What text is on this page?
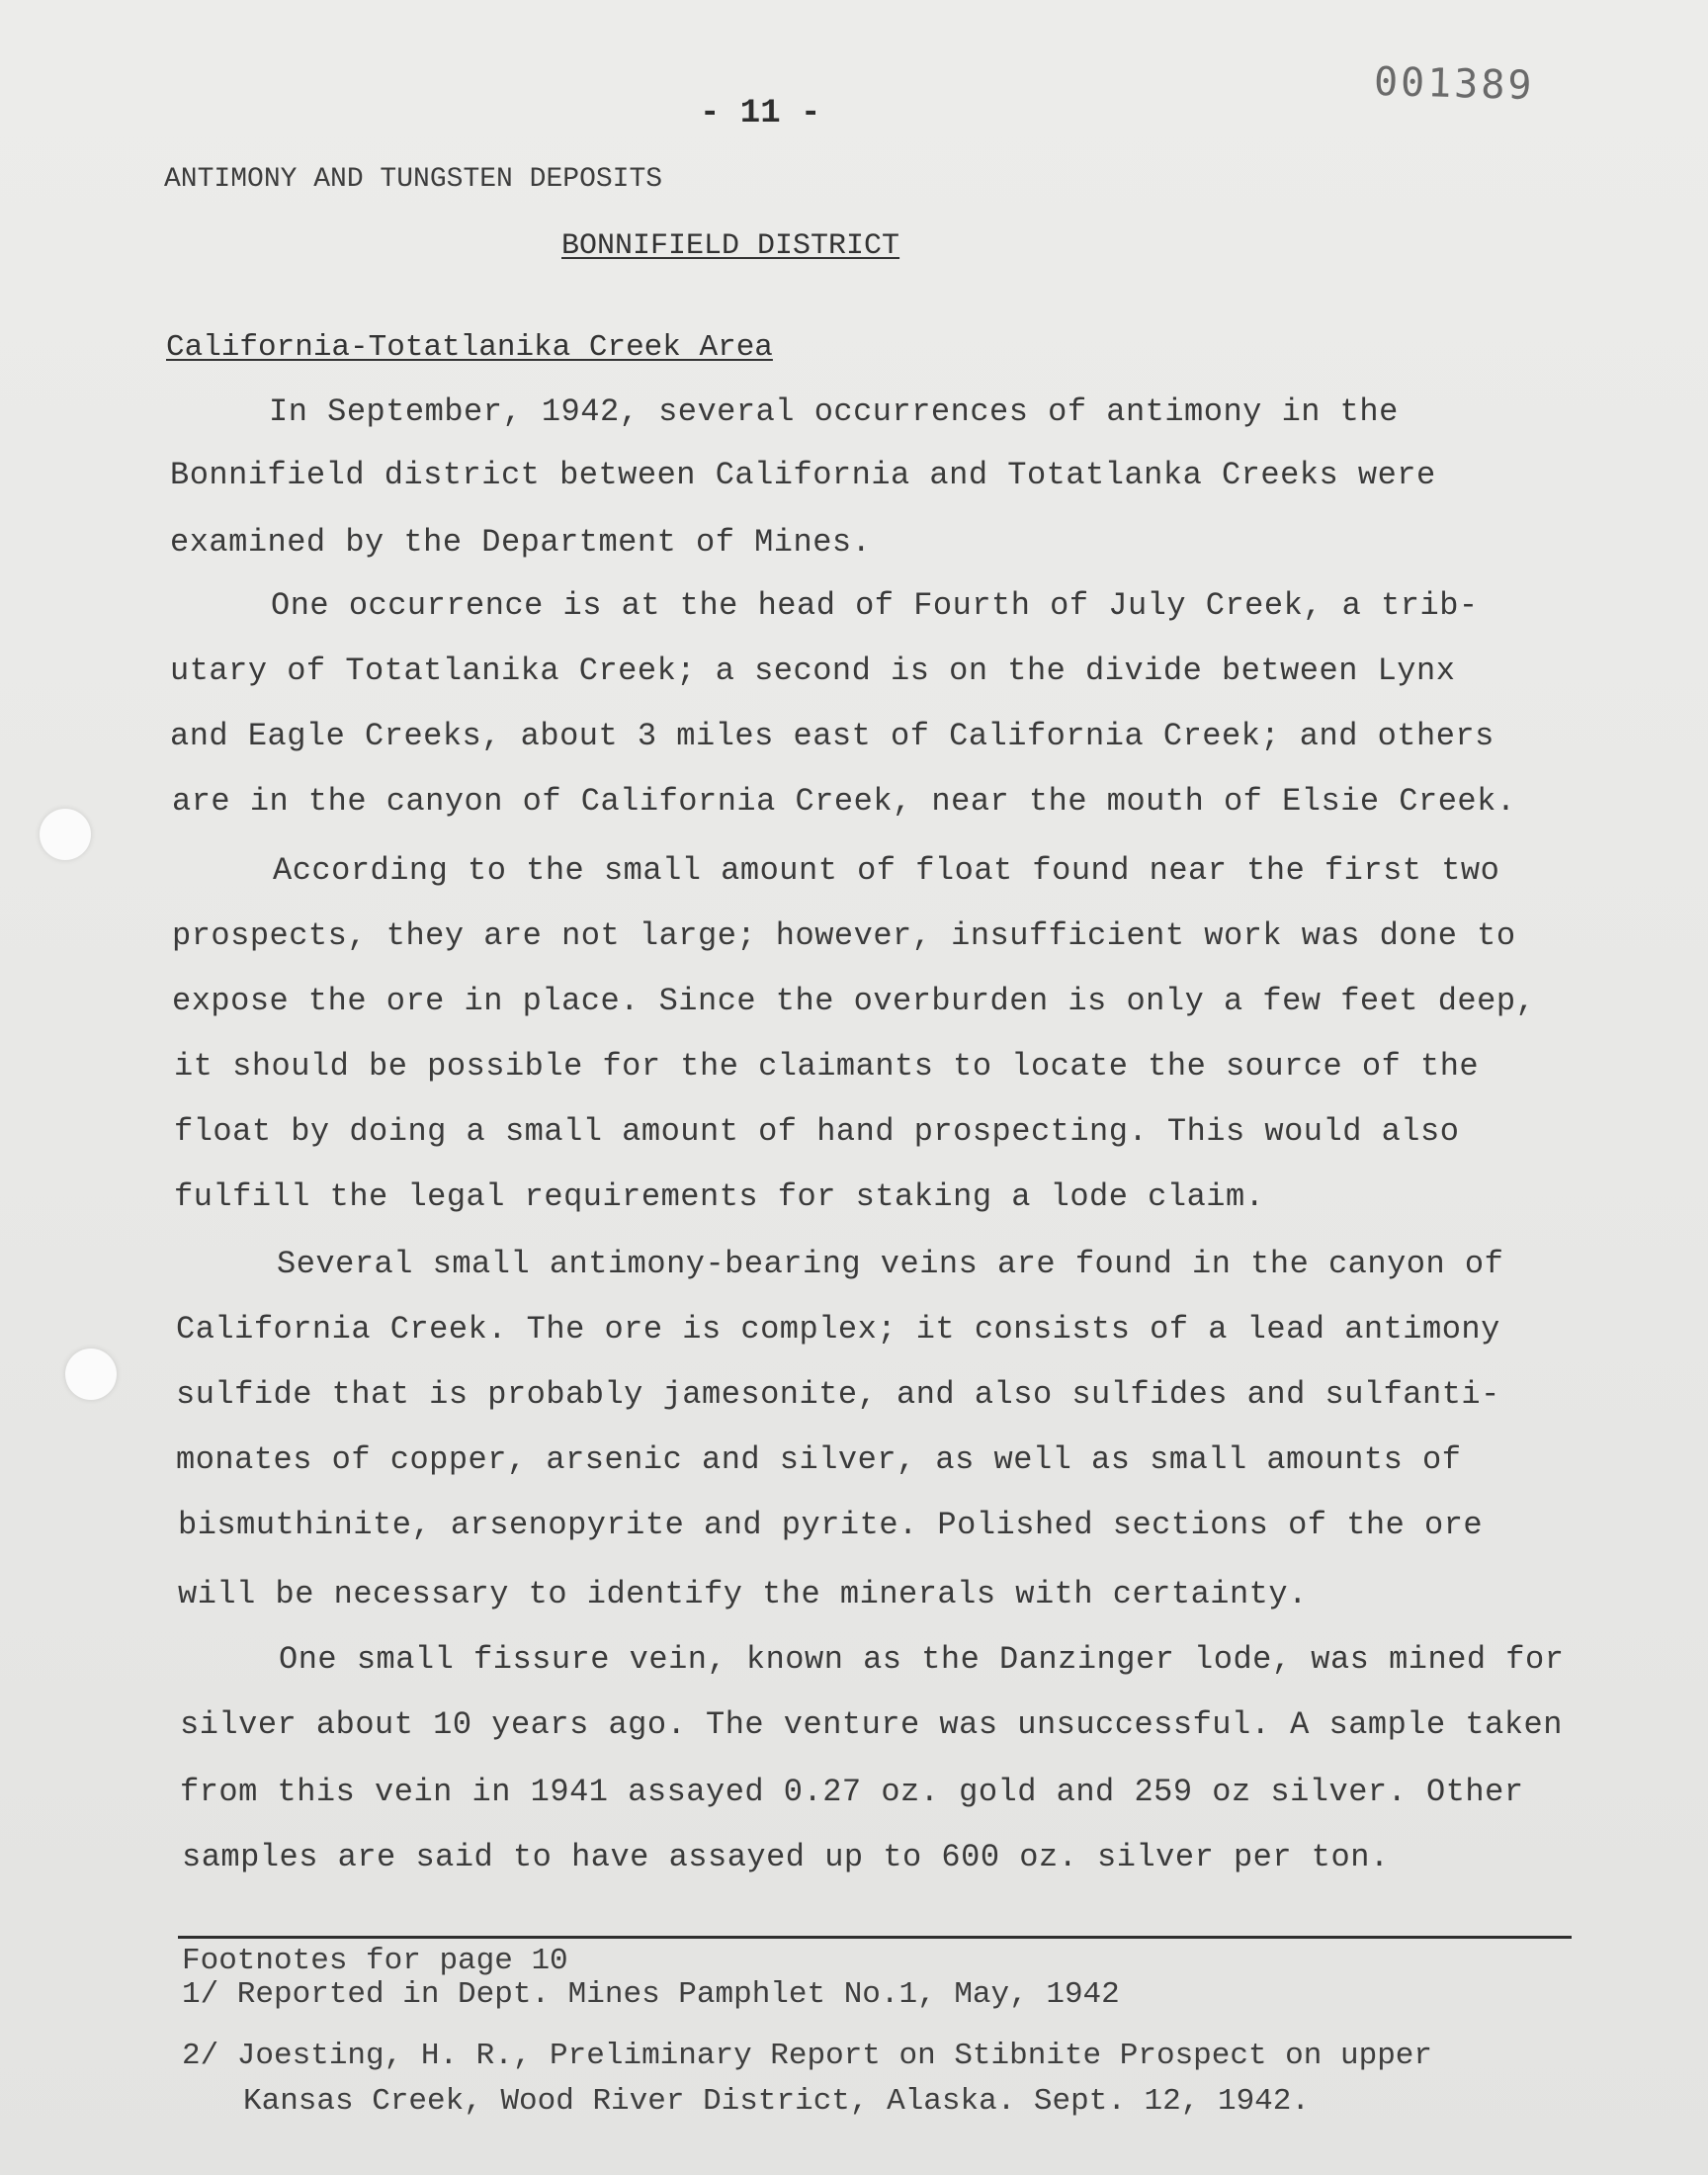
001389
- 11 -
ANTIMONY AND TUNGSTEN DEPOSITS
BONNIFIELD DISTRICT
California-Totatlanika Creek Area
In September, 1942, several occurrences of antimony in the
Bonnifield district between California and Totatlanka Creeks were
examined by the Department of Mines.
One occurrence is at the head of Fourth of July Creek, a trib-
utary of Totatlanika Creek; a second is on the divide between Lynx
and Eagle Creeks, about 3 miles east of California Creek; and others
are in the canyon of California Creek, near the mouth of Elsie Creek.
According to the small amount of float found near the first two
prospects, they are not large; however, insufficient work was done to
expose the ore in place. Since the overburden is only a few feet deep,
it should be possible for the claimants to locate the source of the
float by doing a small amount of hand prospecting. This would also
fulfill the legal requirements for staking a lode claim.
Several small antimony-bearing veins are found in the canyon of
California Creek. The ore is complex; it consists of a lead antimony
sulfide that is probably jamesonite, and also sulfides and sulfanti-
monates of copper, arsenic and silver, as well as small amounts of
bismuthinite, arsenopyrite and pyrite. Polished sections of the ore
will be necessary to identify the minerals with certainty.
One small fissure vein, known as the Danzinger lode, was mined for
silver about 10 years ago. The venture was unsuccessful. A sample taken
from this vein in 1941 assayed 0.27 oz. gold and 259 oz silver. Other
samples are said to have assayed up to 600 oz. silver per ton.
Footnotes for page 10
1/ Reported in Dept. Mines Pamphlet No.1, May, 1942
2/ Joesting, H. R., Preliminary Report on Stibnite Prospect on upper
Kansas Creek, Wood River District, Alaska. Sept. 12, 1942.
